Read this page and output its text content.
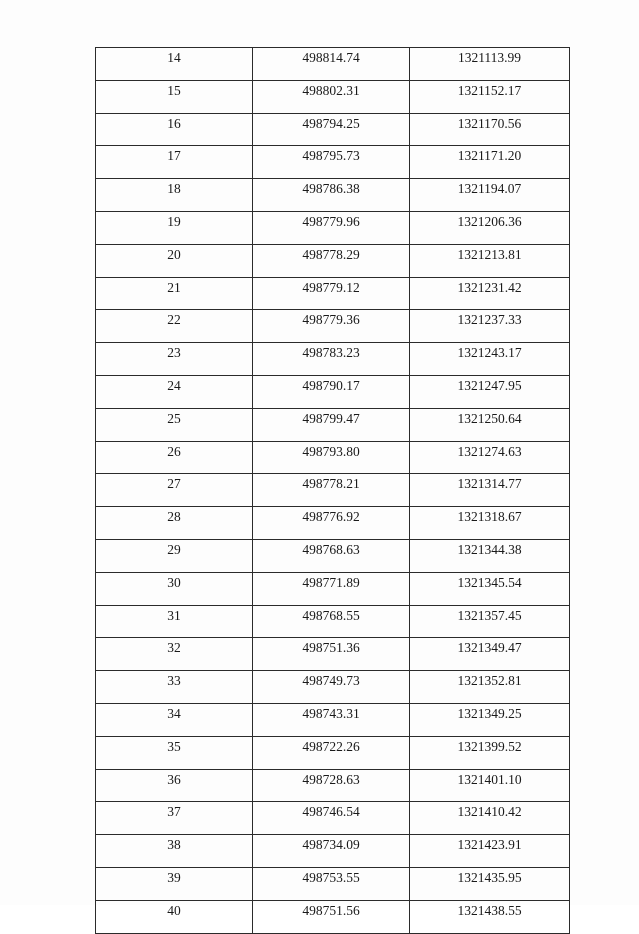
14	498814.74	1321113.99
15	498802.31	1321152.17
16	498794.25	1321170.56
17	498795.73	1321171.20
18	498786.38	1321194.07
19	498779.96	1321206.36
20	498778.29	1321213.81
21	498779.12	1321231.42
22	498779.36	1321237.33
23	498783.23	1321243.17
24	498790.17	1321247.95
25	498799.47	1321250.64
26	498793.80	1321274.63
27	498778.21	1321314.77
28	498776.92	1321318.67
29	498768.63	1321344.38
30	498771.89	1321345.54
31	498768.55	1321357.45
32	498751.36	1321349.47
33	498749.73	1321352.81
34	498743.31	1321349.25
35	498722.26	1321399.52
36	498728.63	1321401.10
37	498746.54	1321410.42
38	498734.09	1321423.91
39	498753.55	1321435.95
40	498751.56	1321438.55
